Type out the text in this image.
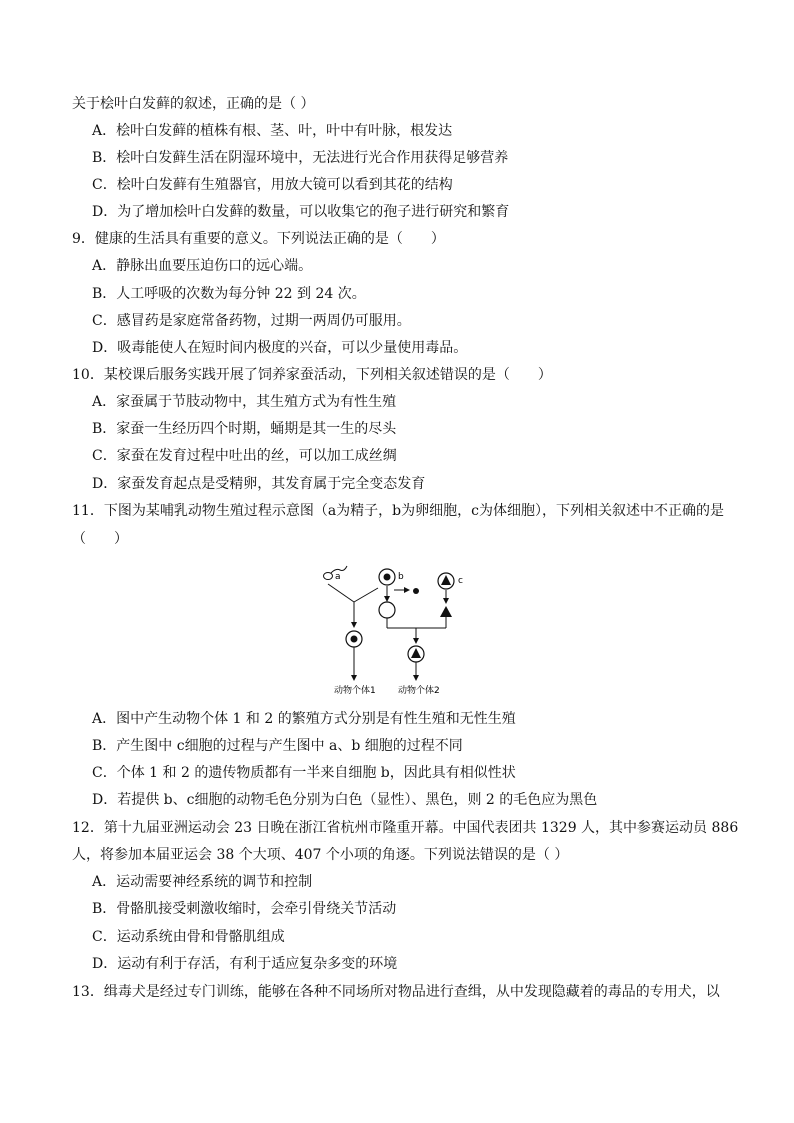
关于桧叶白发藓的叙述，正确的是（ ）
A．桧叶白发藓的植株有根、茎、叶，叶中有叶脉，根发达
B．桧叶白发藓生活在阴湿环境中，无法进行光合作用获得足够营养
C．桧叶白发藓有生殖器官，用放大镜可以看到其花的结构
D．为了增加桧叶白发藓的数量，可以收集它的孢子进行研究和繁育
9．健康的生活具有重要的意义。下列说法正确的是（　　）
A．静脉出血要压迫伤口的远心端。
B．人工呼吸的次数为每分钟 22 到 24 次。
C．感冒药是家庭常备药物，过期一两周仍可服用。
D．吸毒能使人在短时间内极度的兴奋，可以少量使用毒品。
10．某校课后服务实践开展了饲养家蚕活动，下列相关叙述错误的是（　　）
A．家蚕属于节肢动物中，其生殖方式为有性生殖
B．家蚕一生经历四个时期，蛹期是其一生的尽头
C．家蚕在发育过程中吐出的丝，可以加工成丝绸
D．家蚕发育起点是受精卵，其发育属于完全变态发育
11．下图为某哺乳动物生殖过程示意图（a为精子，b为卵细胞，c为体细胞），下列相关叙述中不正确的是
（　　）
a	b	c
动物个体1 动物个体2
A．图中产生动物个体 1 和 2 的繁殖方式分别是有性生殖和无性生殖
B．产生图中 c细胞的过程与产生图中 a、b 细胞的过程不同
C．个体 1 和 2 的遗传物质都有一半来自细胞 b，因此具有相似性状
D．若提供 b、c细胞的动物毛色分别为白色（显性）、黑色，则 2 的毛色应为黑色
12．第十九届亚洲运动会 23 日晚在浙江省杭州市隆重开幕。中国代表团共 1329 人，其中参赛运动员 886
人，将参加本届亚运会 38 个大项、407 个小项的角逐。下列说法错误的是（ ）
A．运动需要神经系统的调节和控制
B．骨骼肌接受刺激收缩时，会牵引骨绕关节活动
C．运动系统由骨和骨骼肌组成
D．运动有利于存活，有利于适应复杂多变的环境
13．缉毒犬是经过专门训练，能够在各种不同场所对物品进行查缉，从中发现隐藏着的毒品的专用犬，以
